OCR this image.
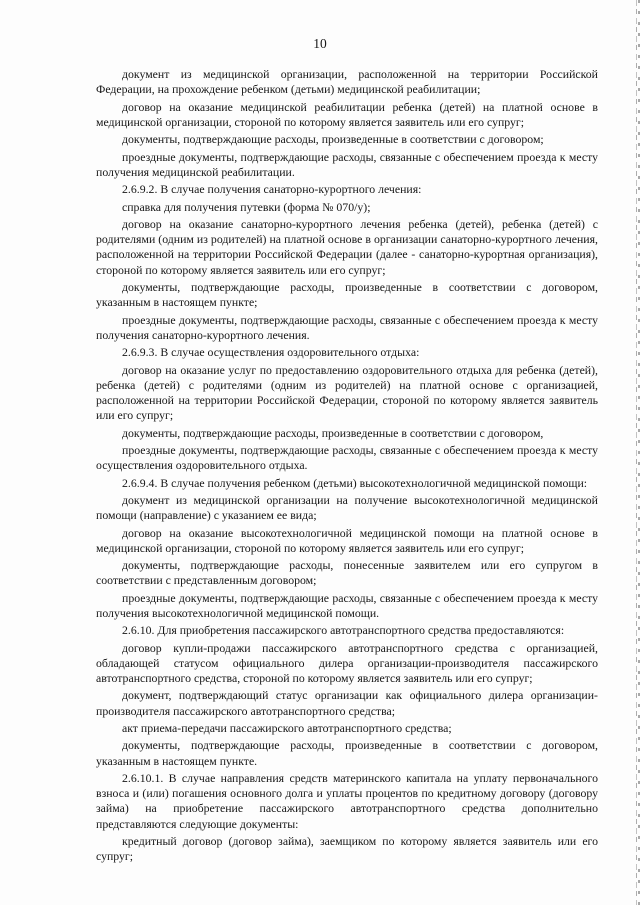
10

документ из медицинской организации, расположенной на территории Российской Федерации, на прохождение ребенком (детьми) медицинской реабилитации;

договор на оказание медицинской реабилитации ребенка (детей) на платной основе в медицинской организации, стороной по которому является заявитель или его супруг;

документы, подтверждающие расходы, произведенные в соответствии с договором;

проездные документы, подтверждающие расходы, связанные с обеспечением проезда к месту получения медицинской реабилитации.

2.6.9.2. В случае получения санаторно-курортного лечения:

справка для получения путевки (форма № 070/у);

договор на оказание санаторно-курортного лечения ребенка (детей), ребенка (детей) с родителями (одним из родителей) на платной основе в организации санаторно-курортного лечения, расположенной на территории Российской Федерации (далее - санаторно-курортная организация), стороной по которому является заявитель или его супруг;

документы, подтверждающие расходы, произведенные в соответствии с договором, указанным в настоящем пункте;

проездные документы, подтверждающие расходы, связанные с обеспечением проезда к месту получения санаторно-курортного лечения.

2.6.9.3. В случае осуществления оздоровительного отдыха:

договор на оказание услуг по предоставлению оздоровительного отдыха для ребенка (детей), ребенка (детей) с родителями (одним из родителей) на платной основе с организацией, расположенной на территории Российской Федерации, стороной по которому является заявитель или его супруг;

документы, подтверждающие расходы, произведенные в соответствии с договором,

проездные документы, подтверждающие расходы, связанные с обеспечением проезда к месту осуществления оздоровительного отдыха.

2.6.9.4. В случае получения ребенком (детьми) высокотехнологичной медицинской помощи:

документ из медицинской организации на получение высокотехнологичной медицинской помощи (направление) с указанием ее вида;

договор на оказание высокотехнологичной медицинской помощи на платной основе в медицинской организации, стороной по которому является заявитель или его супруг;

документы, подтверждающие расходы, понесенные заявителем или его супругом в соответствии с представленным договором;

проездные документы, подтверждающие расходы, связанные с обеспечением проезда к месту получения высокотехнологичной медицинской помощи.

2.6.10. Для приобретения пассажирского автотранспортного средства предоставляются:

договор купли-продажи пассажирского автотранспортного средства с организацией, обладающей статусом официального дилера организации-производителя пассажирского автотранспортного средства, стороной по которому является заявитель или его супруг;

документ, подтверждающий статус организации как официального дилера организации-производителя пассажирского автотранспортного средства;

акт приема-передачи пассажирского автотранспортного средства;

документы, подтверждающие расходы, произведенные в соответствии с договором, указанным в настоящем пункте.

2.6.10.1. В случае направления средств материнского капитала на уплату первоначального взноса и (или) погашения основного долга и уплаты процентов по кредитному договору (договору займа) на приобретение пассажирского автотранспортного средства дополнительно представляются следующие документы:

кредитный договор (договор займа), заемщиком по которому является заявитель или его супруг;
